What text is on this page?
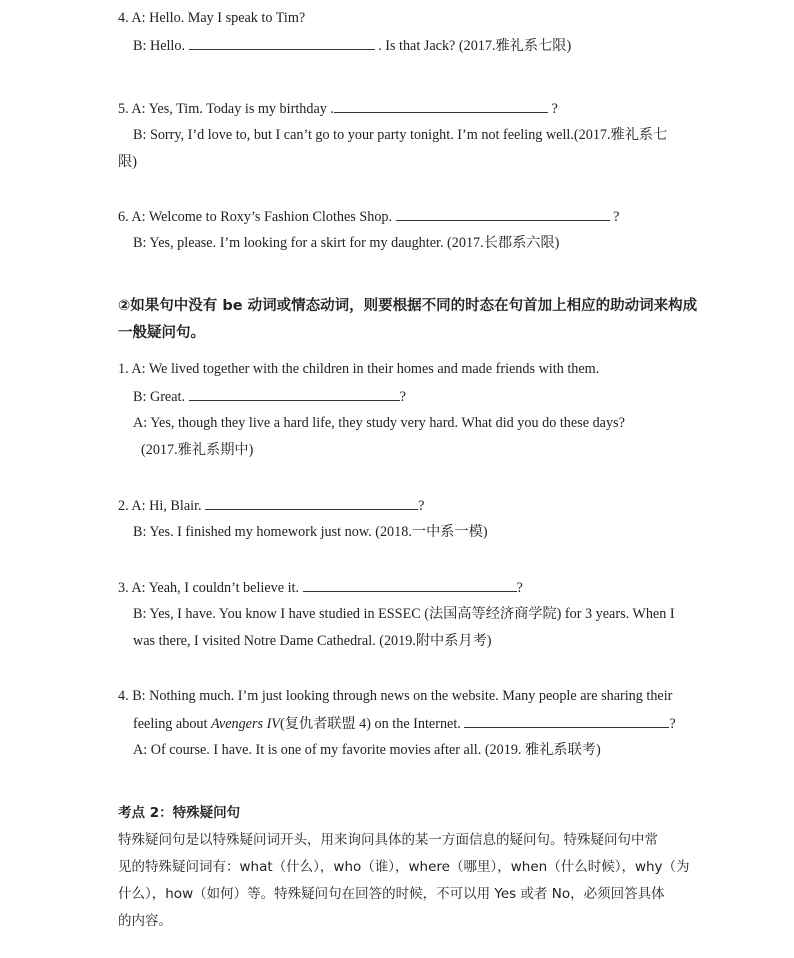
4. A: Hello. May I speak to Tim?
B: Hello.	. Is that Jack? (2017.雅礼系七限)
5. A: Yes, Tim. Today is my birthday .	?
B: Sorry, I’d love to, but I can’t go to your party tonight. I’m not feeling well.(2017.雅礼系七
限)
6. A: Welcome to Roxy’s Fashion Clothes Shop.	?
B: Yes, please. I’m looking for a skirt for my daughter. (2017.长郡系六限)
②如果句中没有 be 动词或情态动词，则要根据不同的时态在句首加上相应的助动词来构成
一般疑问句。
1. A: We lived together with the children in their homes and made friends with them.
B: Great.	?
A: Yes, though they live a hard life, they study very hard. What did you do these days?
(2017.雅礼系期中)
2. A: Hi, Blair.	?
B: Yes. I finished my homework just now. (2018.一中系一模)
3. A: Yeah, I couldn’t believe it.	?
B: Yes, I have. You know I have studied in ESSEC (法国高等经济商学院) for 3 years. When I
was there, I visited Notre Dame Cathedral. (2019.附中系月考)
4. B: Nothing much. I’m just looking through news on the website. Many people are sharing their
feeling about Avengers IV(复仇者联盟 4) on the Internet.	?
A: Of course. I have. It is one of my favorite movies after all. (2019. 雅礼系联考)
考点 2：特殊疑问句
特殊疑问句是以特殊疑问词开头，用来询问具体的某一方面信息的疑问句。特殊疑问句中常
见的特殊疑问词有：what（什么），who（谁），where（哪里），when（什么时候），why（为
什么），how（如何）等。特殊疑问句在回答的时候，不可以用 Yes 或者 No，必须回答具体
的内容。
